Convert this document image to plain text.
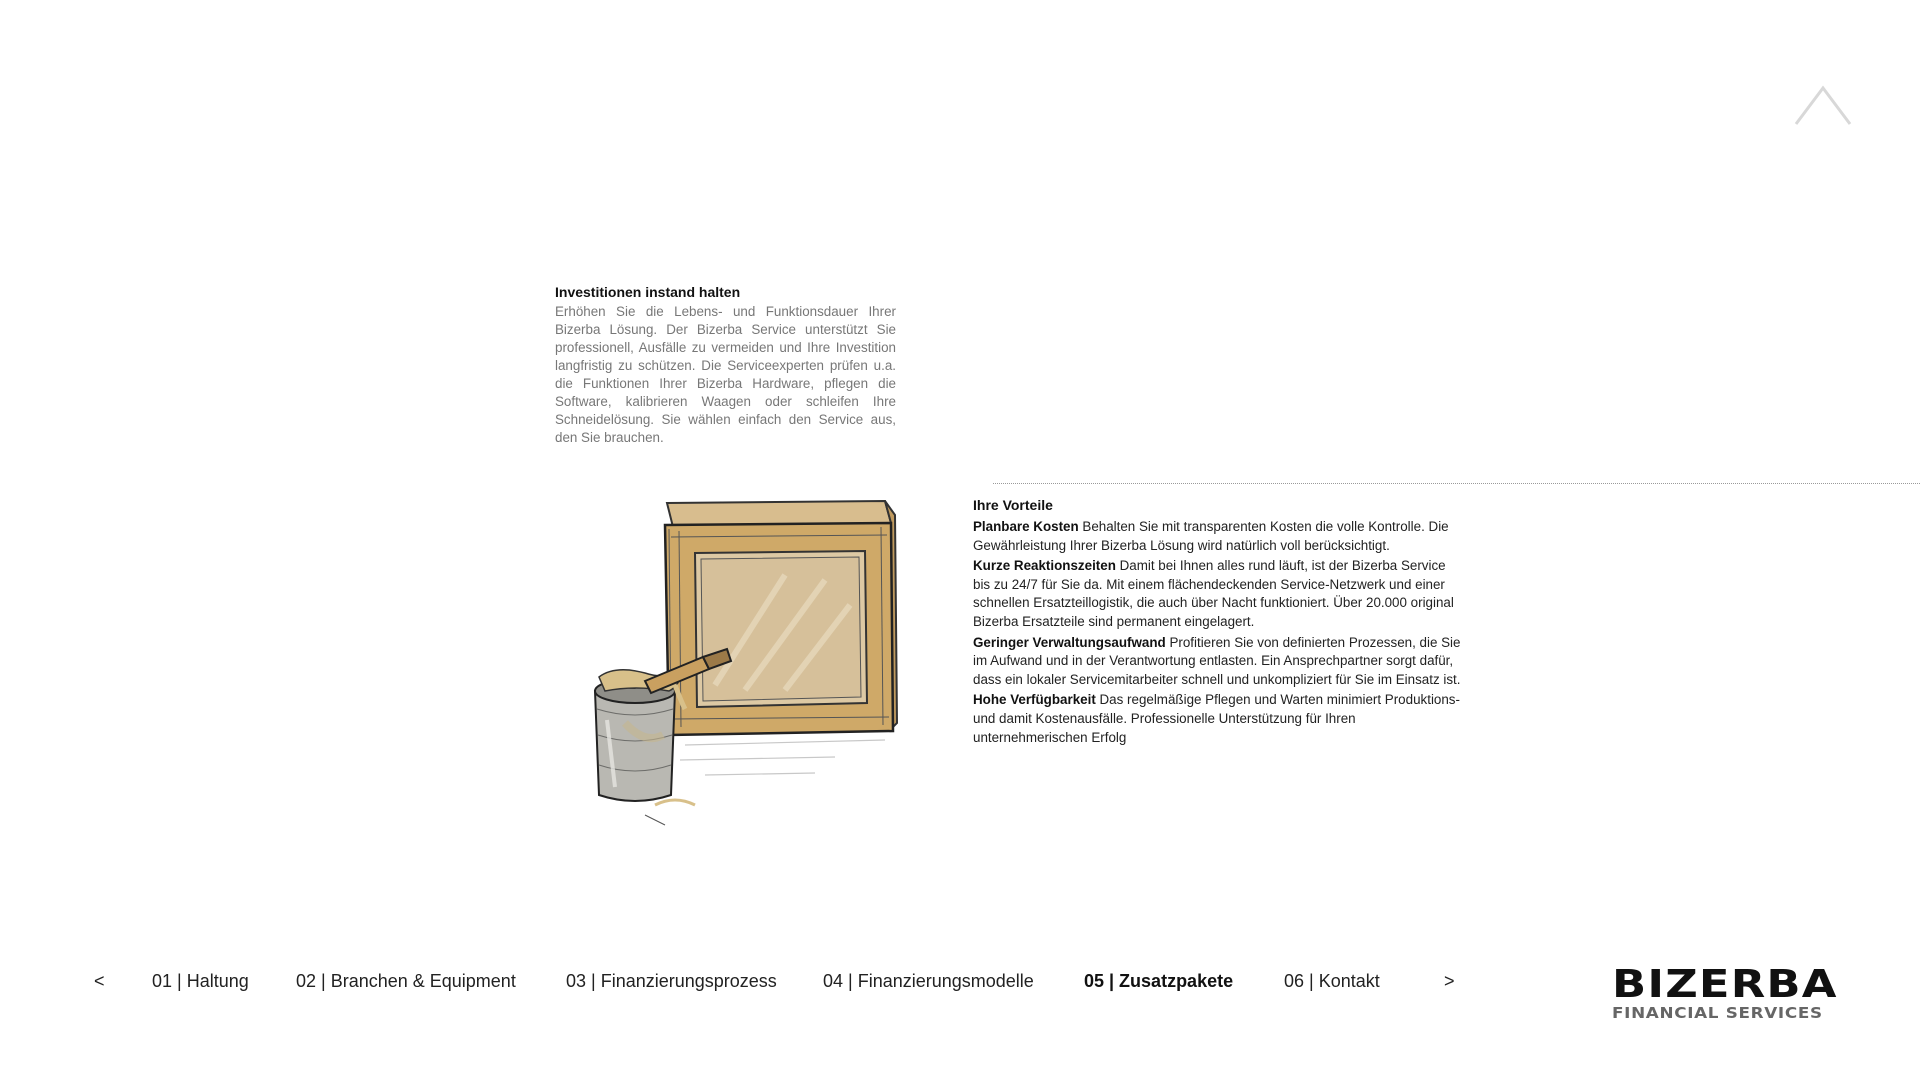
Investitionen instand halten

Erhöhen Sie die Lebens- und Funktionsdauer Ihrer Bizerba Lösung. Der Bizerba Service unterstützt Sie professionell, Ausfälle zu vermeiden und Ihre Investition langfristig zu schützen. Die Serviceexperten prüfen u.a. die Funktionen Ihrer Bizerba Hardware, pflegen die Software, kalibrieren Waagen oder schleifen Ihre Schneidelösung. Sie wählen einfach den Service aus, den Sie brauchen.

Ihre Vorteile
Planbare Kosten Behalten Sie mit transparenten Kosten die volle Kontrolle. Die Gewährleistung Ihrer Bizerba Lösung wird natürlich voll berücksichtigt.
Kurze Reaktionszeiten Damit bei Ihnen alles rund läuft, ist der Bizerba Service bis zu 24/7 für Sie da. Mit einem flächendeckenden Service-Netzwerk und einer schnellen Ersatzteillogistik, die auch über Nacht funktioniert. Über 20.000 original Bizerba Ersatzteile sind permanent eingelagert.
Geringer Verwaltungsaufwand Profitieren Sie von definierten Prozessen, die Sie im Aufwand und in der Verantwortung entlasten. Ein Ansprechpartner sorgt dafür, dass ein lokaler Servicemitarbeiter schnell und unkompliziert für Sie im Einsatz ist.
Hohe Verfügbarkeit Das regelmäßige Pflegen und Warten minimiert Produktions- und damit Kostenausfälle. Professionelle Unterstützung für Ihren unternehmerischen Erfolg
<	01 | Haltung	02 | Branchen & Equipment	03 | Finanzierungsprozess	04 | Finanzierungsmodelle	05 | Zusatzpakete	06 | Kontakt	>	BIZERBA
FINANCIAL SERVICES
